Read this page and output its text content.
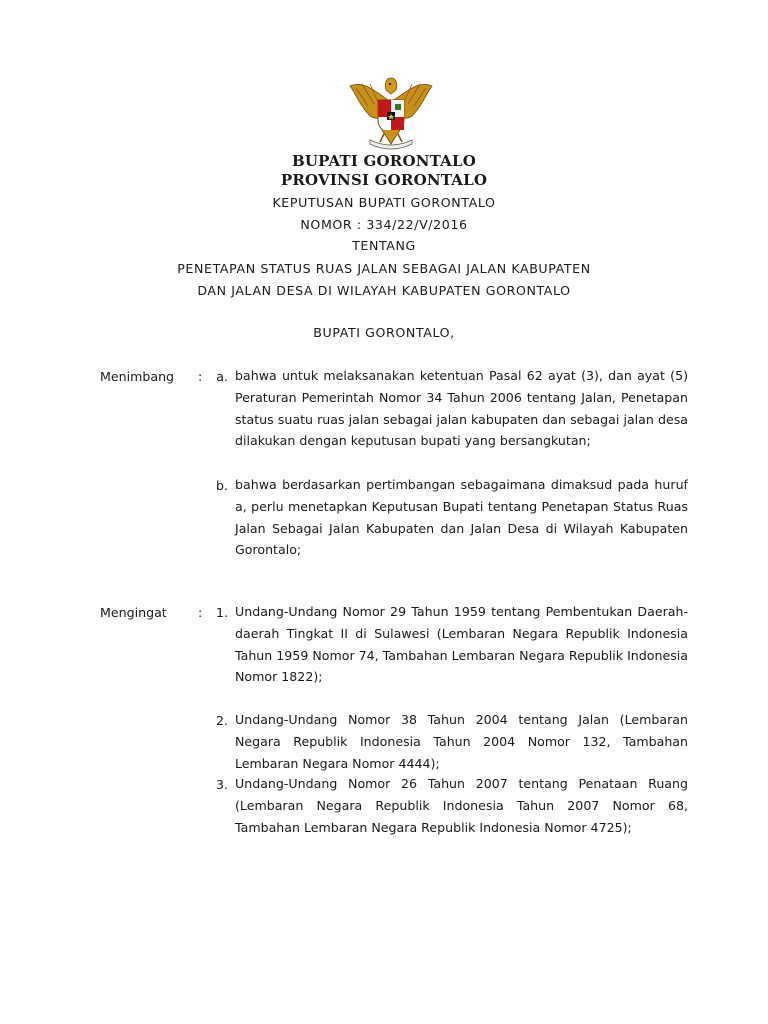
BUPATI GORONTALO
PROVINSI GORONTALO
KEPUTUSAN BUPATI GORONTALO
NOMOR : 334/22/V/2016
TENTANG
PENETAPAN STATUS RUAS JALAN SEBAGAI JALAN KABUPATEN
DAN JALAN DESA DI WILAYAH KABUPATEN GORONTALO
BUPATI GORONTALO,
Menimbang :	a. bahwa untuk melaksanakan ketentuan Pasal 62 ayat (3), dan ayat (5) Peraturan Pemerintah Nomor 34 Tahun 2006 tentang Jalan, Penetapan status suatu ruas jalan sebagai jalan kabupaten dan sebagai jalan desa dilakukan dengan keputusan bupati yang bersangkutan;
b. bahwa berdasarkan pertimbangan sebagaimana dimaksud pada huruf a, perlu menetapkan Keputusan Bupati tentang Penetapan Status Ruas Jalan Sebagai Jalan Kabupaten dan Jalan Desa di Wilayah Kabupaten Gorontalo;
Mengingat :	1. Undang-Undang Nomor 29 Tahun 1959 tentang Pembentukan Daerah-daerah Tingkat II di Sulawesi (Lembaran Negara Republik Indonesia Tahun 1959 Nomor 74, Tambahan Lembaran Negara Republik Indonesia Nomor 1822);
2. Undang-Undang Nomor 38 Tahun 2004 tentang Jalan (Lembaran Negara Republik Indonesia Tahun 2004 Nomor 132, Tambahan Lembaran Negara Nomor 4444);
3. Undang-Undang Nomor 26 Tahun 2007 tentang Penataan Ruang (Lembaran Negara Republik Indonesia Tahun 2007 Nomor 68, Tambahan Lembaran Negara Republik Indonesia Nomor 4725);
